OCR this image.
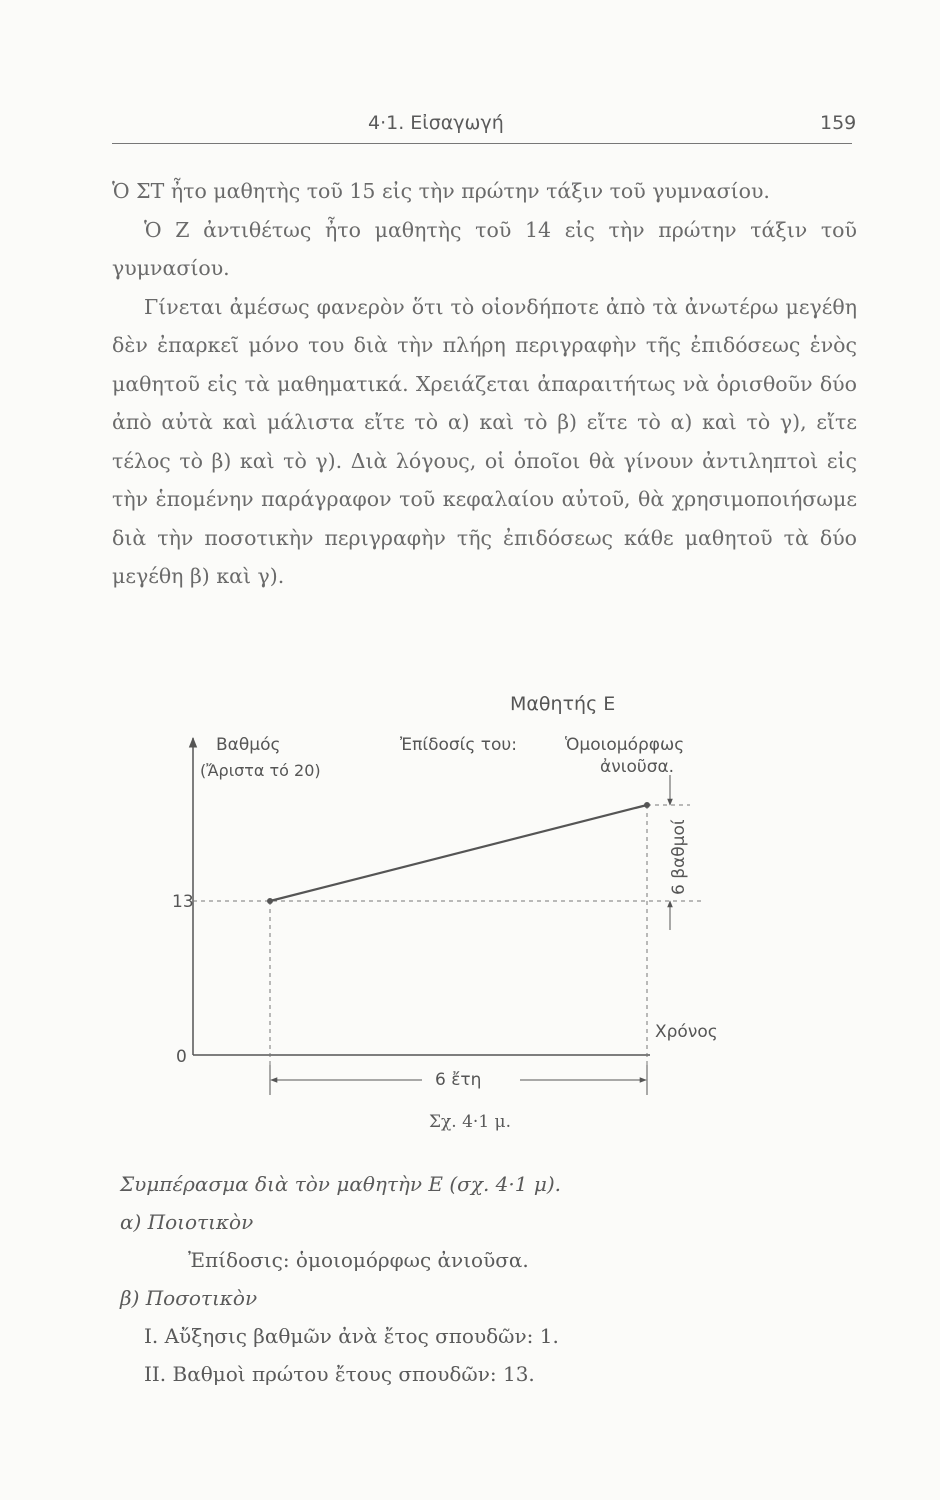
4·1. Εἰσαγωγή	159

Ὁ ΣΤ ἦτο μαθητὴς τοῦ 15 εἰς τὴν πρώτην τάξιν τοῦ γυμνασίου.

Ὁ Ζ ἀντιθέτως ἦτο μαθητὴς τοῦ 14 εἰς τὴν πρώτην τάξιν τοῦ γυμνασίου.

Γίνεται ἀμέσως φανερὸν ὅτι τὸ οἱονδήποτε ἀπὸ τὰ ἀνωτέρω μεγέθη δὲν ἐπαρκεῖ μόνο του διὰ τὴν πλήρη περιγραφὴν τῆς ἐπιδόσεως ἑνὸς μαθητοῦ εἰς τὰ μαθηματικά. Χρειάζεται ἀπαραιτήτως νὰ ὁρισθοῦν δύο ἀπὸ αὐτὰ καὶ μάλιστα εἴτε τὸ α) καὶ τὸ β) εἴτε τὸ α) καὶ τὸ γ), εἴτε τέλος τὸ β) καὶ τὸ γ). Διὰ λόγους, οἱ ὁποῖοι θὰ γίνουν ἀντιληπτοὶ εἰς τὴν ἑπομένην παράγραφον τοῦ κεφαλαίου αὐτοῦ, θὰ χρησιμοποιήσωμε διὰ τὴν ποσοτικὴν περιγραφὴν τῆς ἐπιδόσεως κάθε μαθητοῦ τὰ δύο μεγέθη β) καὶ γ).

Μαθητής Ε
Ἐπίδοσίς του:	Ὁμοιομόρφως
ἀνιοῦσα.
Βαθμός
(Ἄριστα τό 20)
13
0
Χρόνος
6 βαθμοί
6 ἔτη
Σχ. 4·1 μ.
Συμπέρασμα διὰ τὸν μαθητὴν Ε (σχ. 4·1 μ).
α) Ποιοτικὸν
Ἐπίδοσις: ὁμοιομόρφως ἀνιοῦσα.
β) Ποσοτικὸν
I. Αὔξησις βαθμῶν ἀνὰ ἔτος σπουδῶν: 1.
II. Βαθμοὶ πρώτου ἔτους σπουδῶν: 13.
